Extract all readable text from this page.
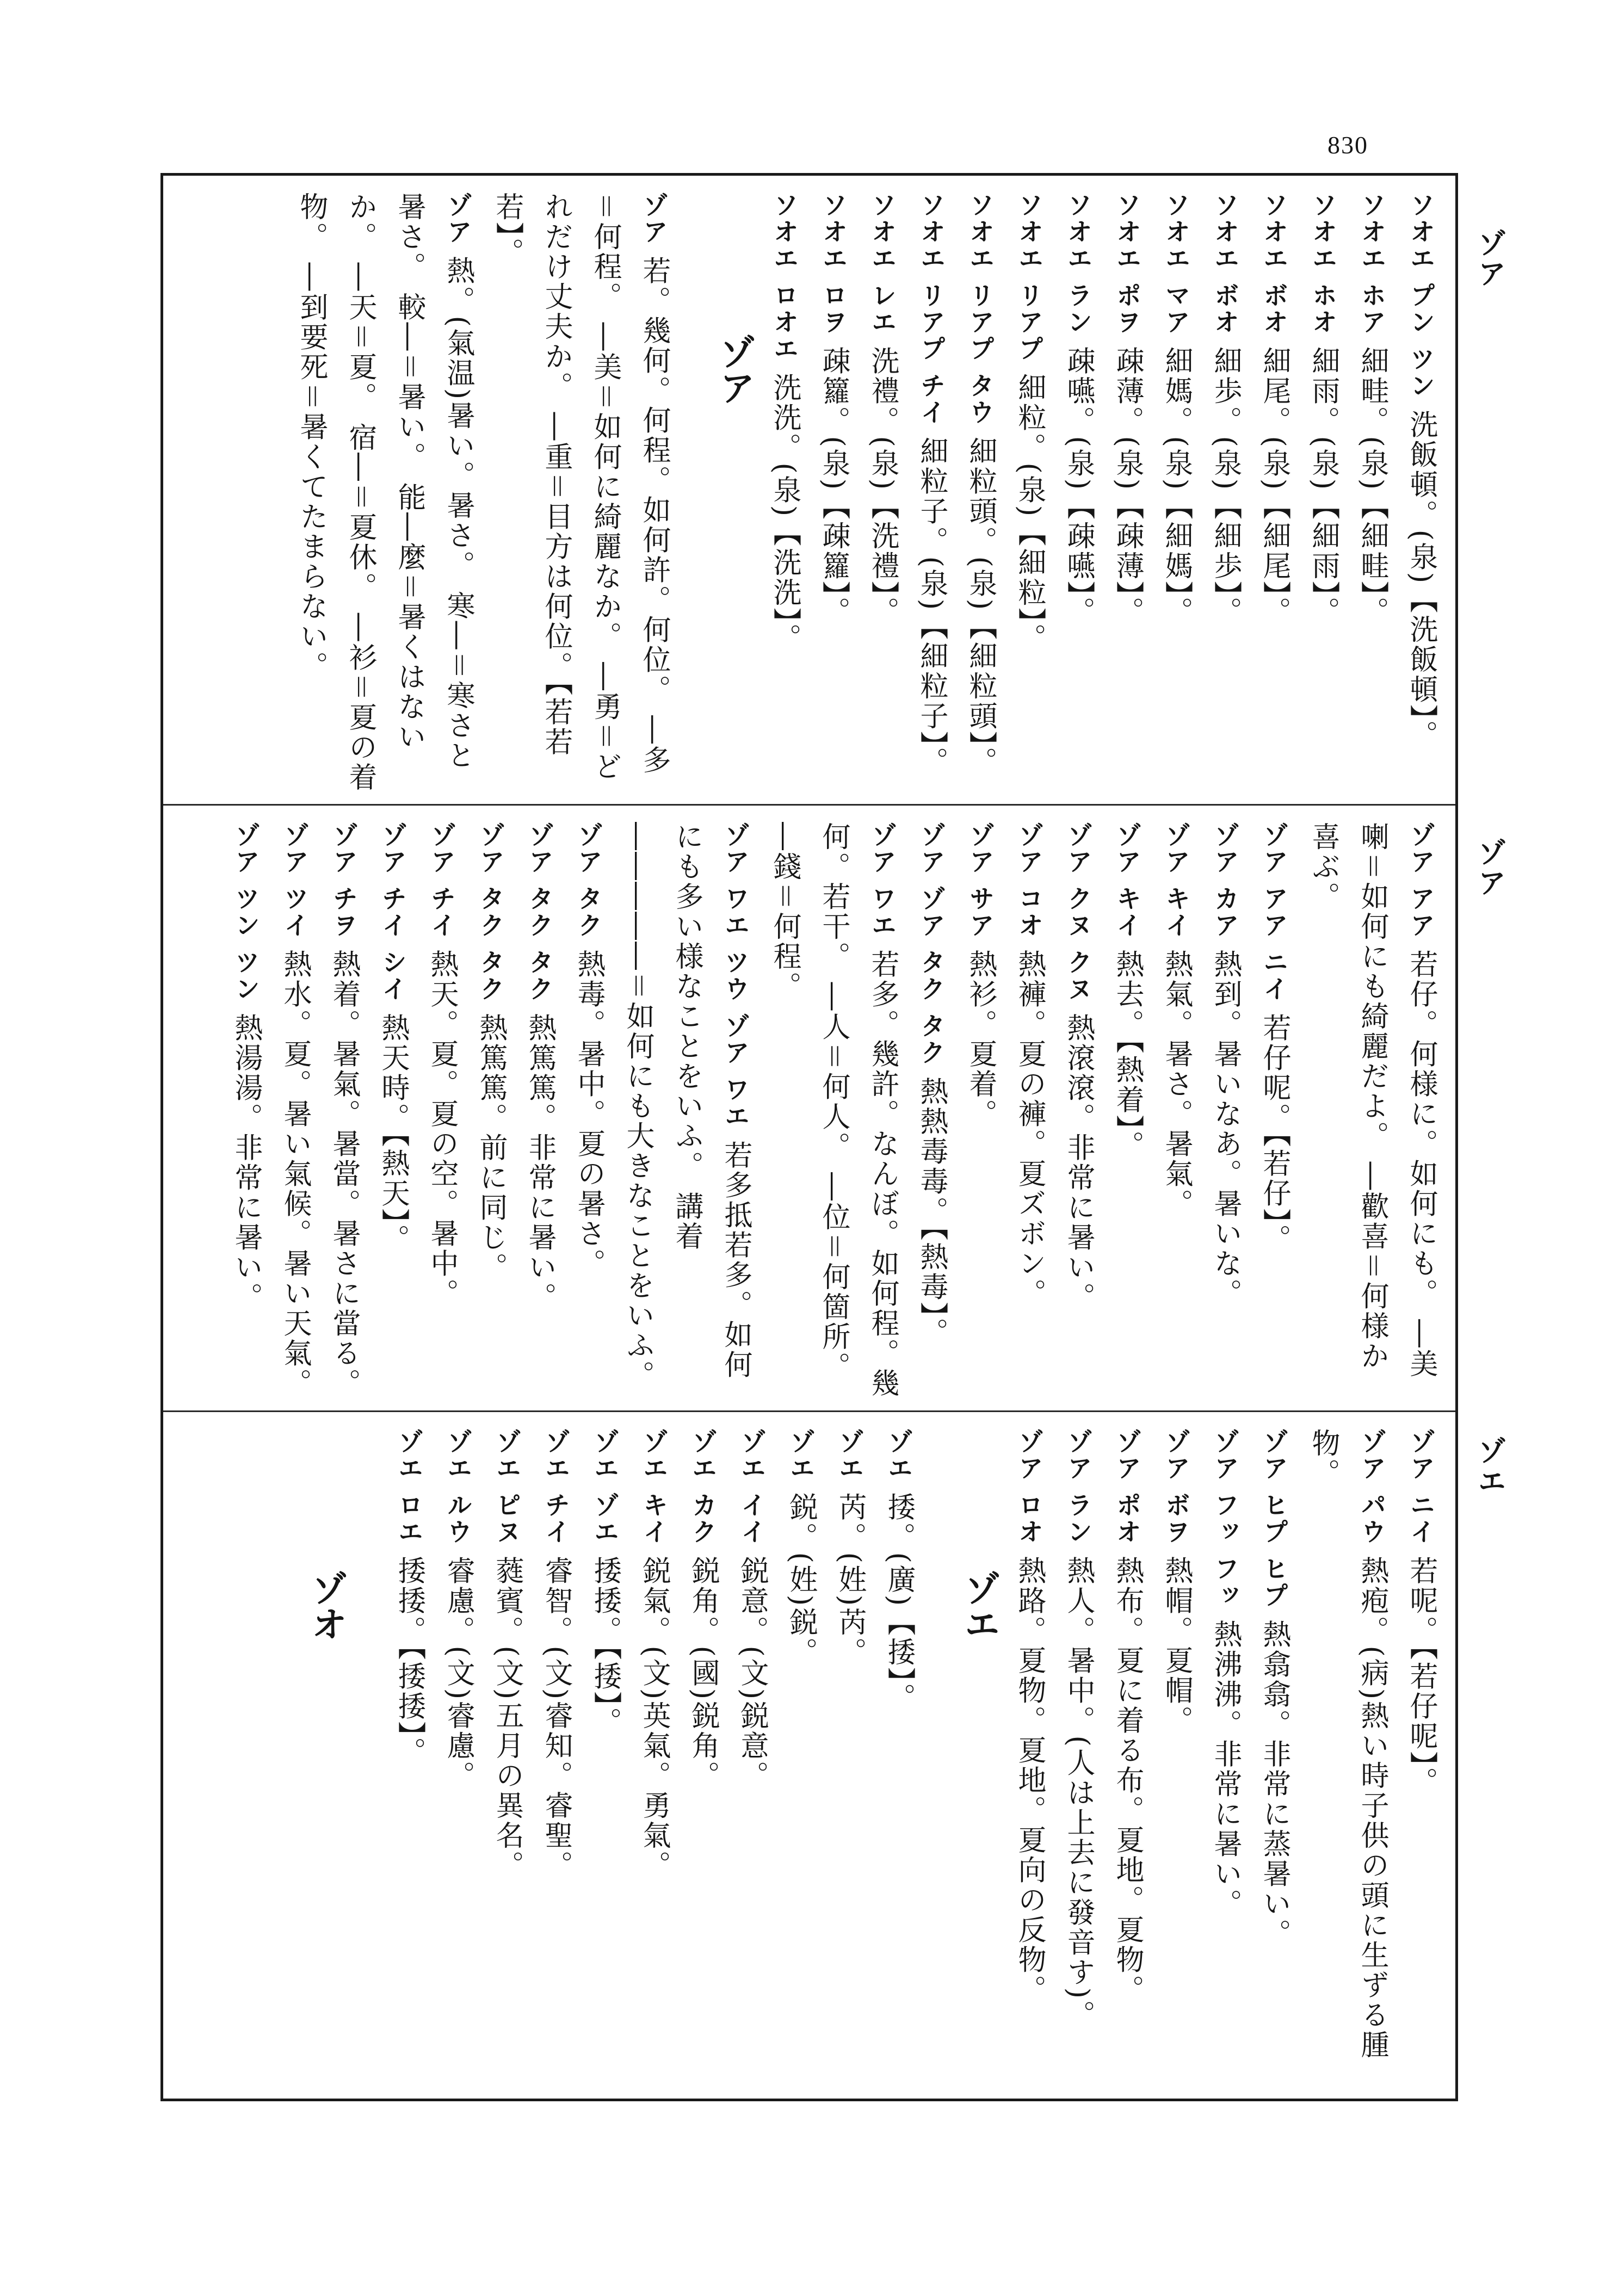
830
ゾア
ゾア
ゾエ

ソオエ プン ツン 洗飯頓。(泉)【洗飯頓】。

ソオエ ホア 細畦。(泉)【細畦】。

ソオエ ホオ 細雨。(泉)【細雨】。

ソオエ ボオ 細尾。(泉)【細尾】。

ソオエ ボオ 細歩。(泉)【細歩】。

ソオエ マア 細媽。(泉)【細媽】。

ソオエ ポヲ 疎薄。(泉)【疎薄】。

ソオエ ラン 疎嚥。(泉)【疎嚥】。

ソオエ リアプ 細粒。(泉)【細粒】。

ソオエ リアプ タウ 細粒頭。(泉)【細粒頭】。

ソオエ リアプ チイ 細粒子。(泉)【細粒子】。

ソオエ レエ 洗禮。(泉)【洗禮】。

ソオエ ロヲ 疎籮。(泉)【疎籮】。

ソオエ ロオエ 洗洗。(泉)【洗洗】。

ゾア

ゾア 若。幾何。何程。如何許。何位。 ―多＝何程。 ―美＝如何に綺麗なか。 ―勇＝どれだけ丈夫か。 ―重＝目方は何位。【若若若】。

ゾア 熱。(氣温)暑い。暑さ。 寒―＝寒さと暑さ。 較―＝暑い。 能―麼＝暑くはないか。 ―天＝夏。 宿―＝夏休。 ―衫＝夏の着物。 ―到要死＝暑くてたまらない。

ゾア アア 若仔。何様に。如何にも。 ―美喇＝如何にも綺麗だよ。 ―歡喜＝何様か喜ぶ。

ゾア アア ニイ 若仔呢。【若仔】。

ゾア カア 熱到。暑いなあ。暑いな。

ゾア キイ 熱氣。暑さ。暑氣。

ゾア キイ 熱去。【熱着】。

ゾア クヌ クヌ 熱滾滾。非常に暑い。

ゾア コオ 熱褲。夏の褲。夏ズボン。

ゾア サア 熱衫。夏着。

ゾア ゾア タク タク 熱熱毒毒。【熱毒】。

ゾア ワエ 若多。幾許。なんぼ。如何程。幾何。若干。 ―人＝何人。 ―位＝何箇所。 ―錢＝何程。

ゾア ワエ ツウ ゾア ワエ 若多抵若多。如何にも多い様なことをいふ。 講着―――――＝如何にも大きなことをいふ。

ゾア タク 熱毒。暑中。夏の暑さ。

ゾア タク タク 熱篤篤。非常に暑い。

ゾア タク タク 熱篤篤。前に同じ。

ゾア チイ 熱天。夏。夏の空。暑中。

ゾア チイ シイ 熱天時。【熱天】。

ゾア チヲ 熱着。暑氣。暑當。暑さに當る。

ゾア ツイ 熱水。夏。暑い氣候。暑い天氣。

ゾア ツン ツン 熱湯湯。非常に暑い。

ゾア ニイ 若呢。【若仔呢】。

ゾア パウ 熱疱。(病)熱い時子供の頭に生ずる腫物。

ゾア ヒプ ヒプ 熱翕翕。非常に蒸暑い。

ゾア フッ フッ 熱沸沸。非常に暑い。

ゾア ボヲ 熱帽。夏帽。

ゾア ポオ 熱布。夏に着る布。夏地。夏物。

ゾア ラン 熱人。暑中。(人は上去に發音す)。

ゾア ロオ 熱路。夏物。夏地。夏向の反物。

ゾエ

ゾエ 捼。(廣)【捼】。

ゾエ 芮。(姓)芮。

ゾエ 鋭。(姓)鋭。

ゾエ イイ 鋭意。(文)鋭意。

ゾエ カク 鋭角。(國)鋭角。

ゾエ キイ 鋭氣。(文)英氣。勇氣。

ゾエ ゾエ 捼捼。【捼】。

ゾエ チイ 睿智。(文)睿知。睿聖。

ゾエ ピヌ 蕤賓。(文)五月の異名。

ゾエ ルウ 睿慮。(文)睿慮。

ゾエ ロエ 捼捼。【捼捼】。

ゾオ
